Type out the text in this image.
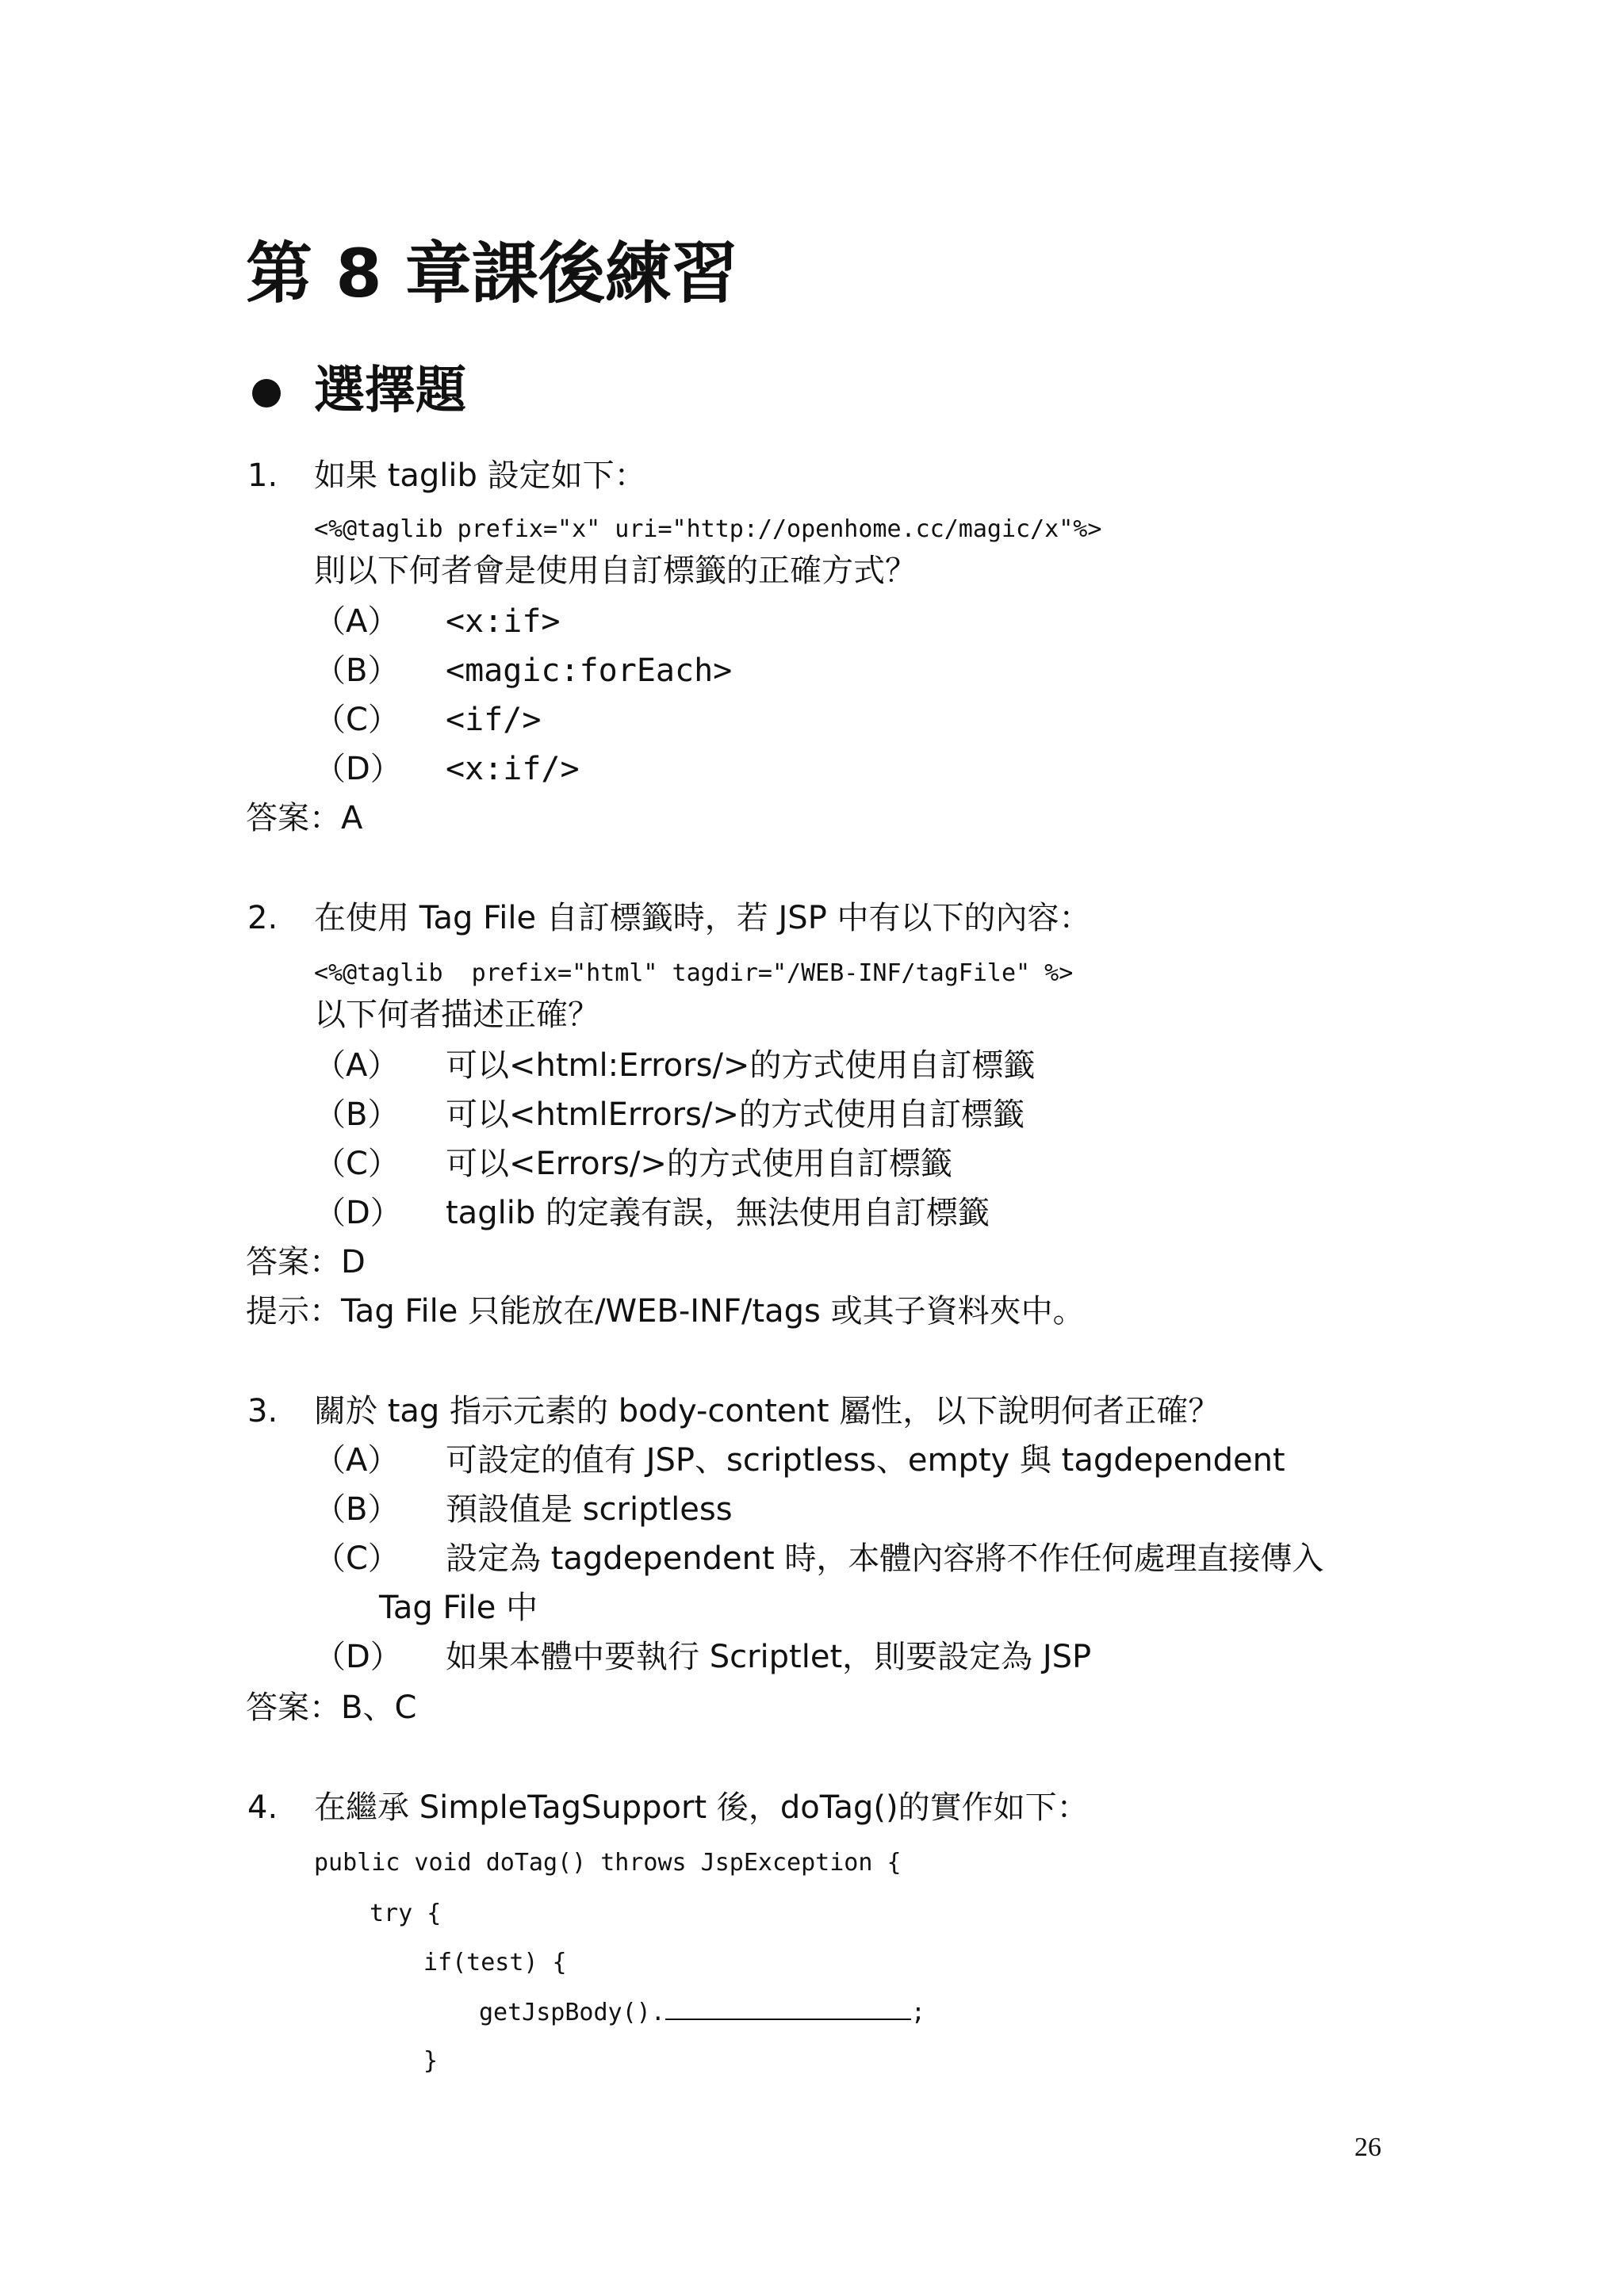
第 8 章課後練習

選擇題

1. 如果 taglib 設定如下：
<%@taglib prefix="x" uri="http://openhome.cc/magic/x"%>
則以下何者會是使用自訂標籤的正確方式？
（A） <x:if>
（B） <magic:forEach>
（C） <if/>
（D） <x:if/>
答案：A
2. 在使用 Tag File 自訂標籤時，若 JSP 中有以下的內容：
<%@taglib  prefix="html" tagdir="/WEB-INF/tagFile" %>
以下何者描述正確？
（A） 可以<html:Errors/>的方式使用自訂標籤
（B） 可以<htmlErrors/>的方式使用自訂標籤
（C） 可以<Errors/>的方式使用自訂標籤
（D） taglib 的定義有誤，無法使用自訂標籤
答案：D
提示：Tag File 只能放在/WEB-INF/tags 或其子資料夾中。
3. 關於 tag 指示元素的 body-content 屬性，以下說明何者正確？
（A） 可設定的值有 JSP、scriptless、empty 與 tagdependent
（B） 預設值是 scriptless
（C） 設定為 tagdependent 時，本體內容將不作任何處理直接傳入
Tag File 中
（D） 如果本體中要執行 Scriptlet，則要設定為 JSP
答案：B、C
4. 在繼承 SimpleTagSupport 後，doTag()的實作如下：
public void doTag() throws JspException {
try {
if(test) {
getJspBody().	;
}
26
